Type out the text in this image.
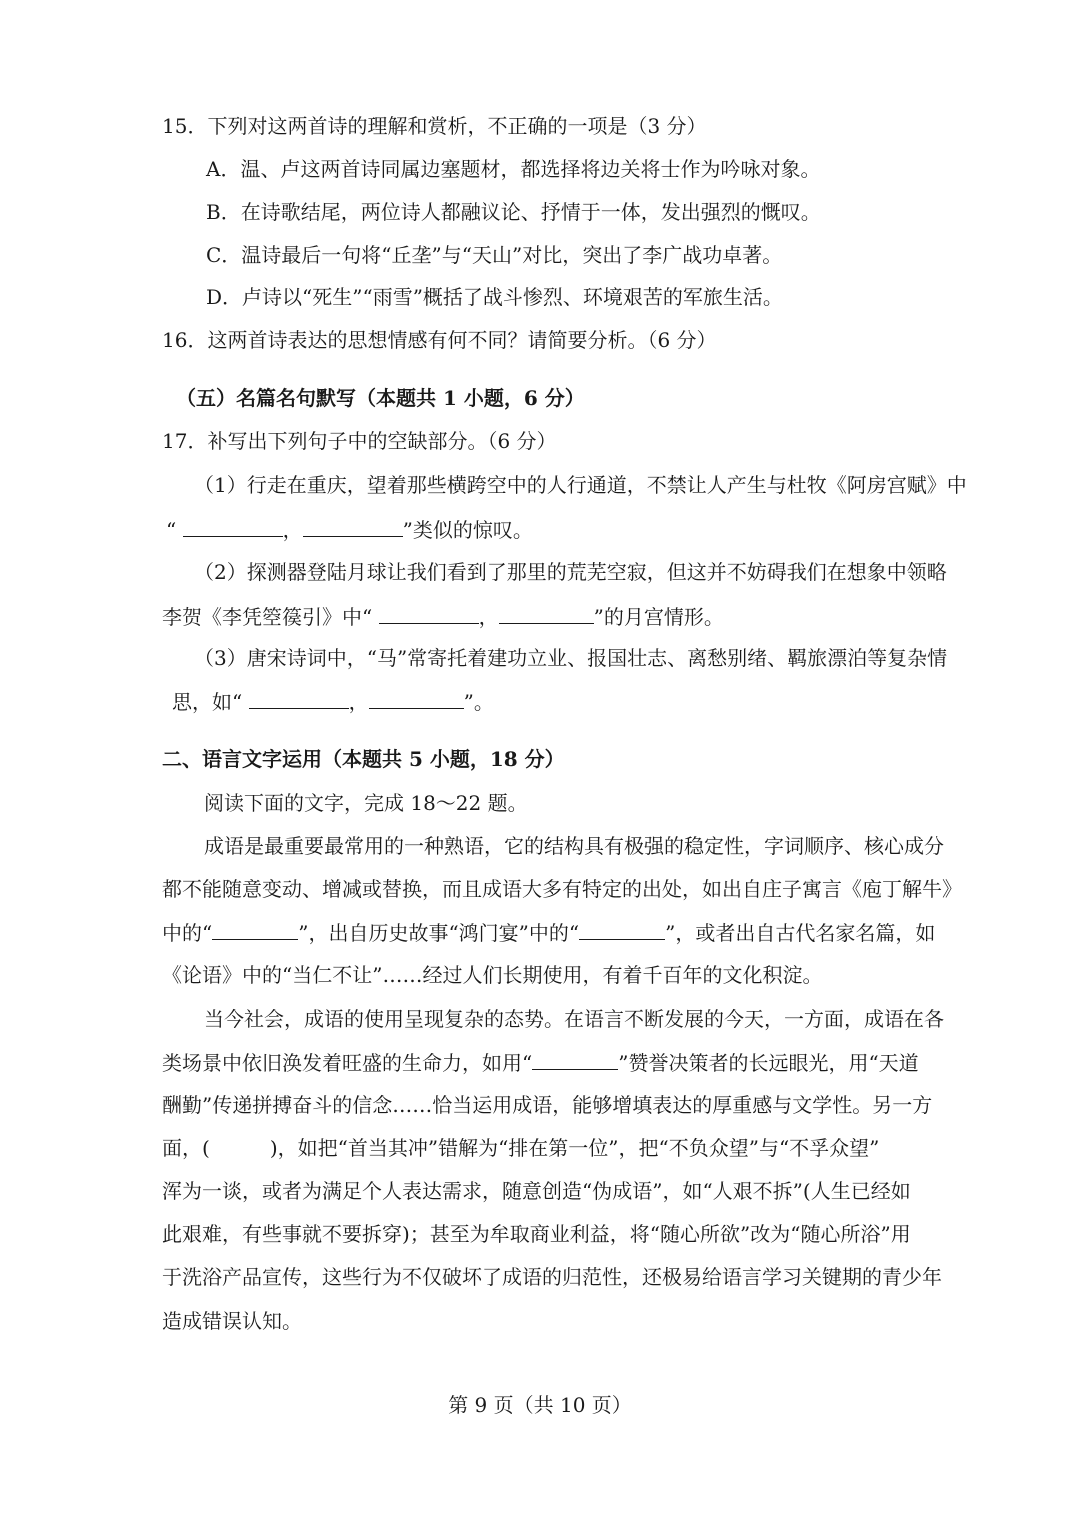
15．下列对这两首诗的理解和赏析，不正确的一项是（3 分）
A．温、卢这两首诗同属边塞题材，都选择将边关将士作为吟咏对象。
B．在诗歌结尾，两位诗人都融议论、抒情于一体，发出强烈的慨叹。
C．温诗最后一句将“丘垄”与“天山”对比，突出了李广战功卓著。
D．卢诗以“死生”“雨雪”概括了战斗惨烈、环境艰苦的军旅生活。
16．这两首诗表达的思想情感有何不同？请简要分析。（6 分）
（五）名篇名句默写（本题共 1 小题，6 分）
17．补写出下列句子中的空缺部分。（6 分）
（1）行走在重庆，望着那些横跨空中的人行通道，不禁让人产生与杜牧《阿房宫赋》中
“	，	”类似的惊叹。
（2）探测器登陆月球让我们看到了那里的荒芜空寂，但这并不妨碍我们在想象中领略
李贺《李凭箜篌引》中“	，	”的月宫情形。
（3）唐宋诗词中，“马”常寄托着建功立业、报国壮志、离愁别绪、羁旅漂泊等复杂情
思，如“	，	”。
二、语言文字运用（本题共 5 小题，18 分）
阅读下面的文字，完成 18～22 题。
成语是最重要最常用的一种熟语，它的结构具有极强的稳定性，字词顺序、核心成分
都不能随意变动、增减或替换，而且成语大多有特定的出处，如出自庄子寓言《庖丁解牛》
中的“	”，出自历史故事“鸿门宴”中的“	”，或者出自古代名家名篇，如
《论语》中的“当仁不让”……经过人们长期使用，有着千百年的文化积淀。
当今社会，成语的使用呈现复杂的态势。在语言不断发展的今天，一方面，成语在各
类场景中依旧涣发着旺盛的生命力，如用“	”赞誉决策者的长远眼光，用“天道
酬勤”传递拼搏奋斗的信念……恰当运用成语，能够增填表达的厚重感与文学性。另一方
面，(	)，如把“首当其冲”错解为“排在第一位”，把“不负众望”与“不孚众望”
浑为一谈，或者为满足个人表达需求，随意创造“伪成语”，如“人艰不拆”(人生已经如
此艰难，有些事就不要拆穿)；甚至为牟取商业利益，将“随心所欲”改为“随心所浴”用
于洗浴产品宣传，这些行为不仅破坏了成语的归范性，还极易给语言学习关键期的青少年
造成错误认知。
第 9 页（共 10 页）
